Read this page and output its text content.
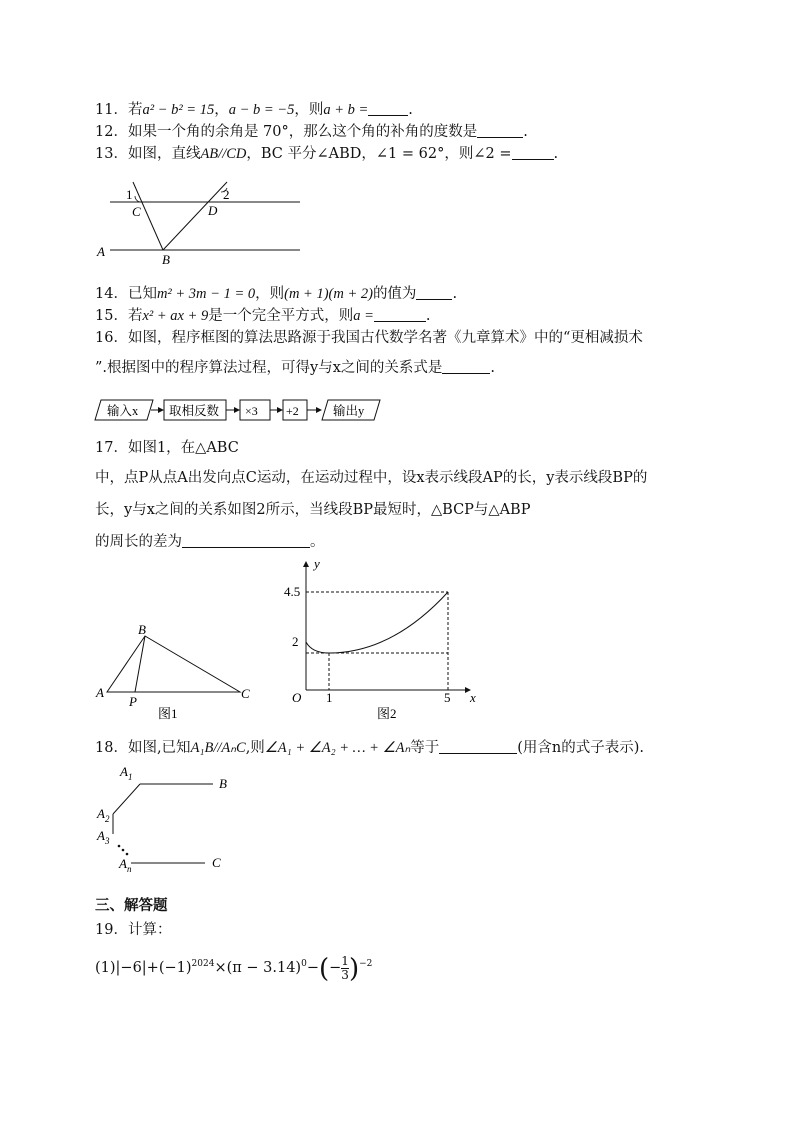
11．若a² − b² = 15，a − b = −5，则a + b =	.
12．如果一个角的余角是 70°，那么这个角的补角的度数是	.
13．如图，直线AB//CD，BC 平分∠ABD，∠1 = 62°，则∠2 =	.
1	2
C	D
A
B
14．已知m² + 3m − 1 = 0，则(m + 1)(m + 2)的值为 .
15．若x² + ax + 9是一个完全平方式，则a =	.
16．如图，程序框图的算法思路源于我国古代数学名著《九章算术》中的“更相减损术
”.根据图中的程序算法过程，可得y与x之间的关系式是	.
输入x 取相反数 ×3 +2	输出y
17．如图1，在△ABC
中，点P从点A出发向点C运动，在运动过程中，设x表示线段AP的长，y表示线段BP的
长，y与x之间的关系如图2所示，当线段BP最短时，△BCP与△ABP
的周长的差为	。
A
B
C
P
图1
y
x
O
4.5
2
1	5
图2
18．如图,已知A₁B//AₙC,则∠A₁ + ∠A₂ + … + ∠Aₙ等于	(用含n的式子表示).
$A_1$	B
$A_2$
$A_3$
$A_n$	C
三、解答题
19．计算：
$(1)|-6|+(-1)^{2024}\times(\pi - 3.14)^0-(- \frac{1}{3} )^{-2}$
